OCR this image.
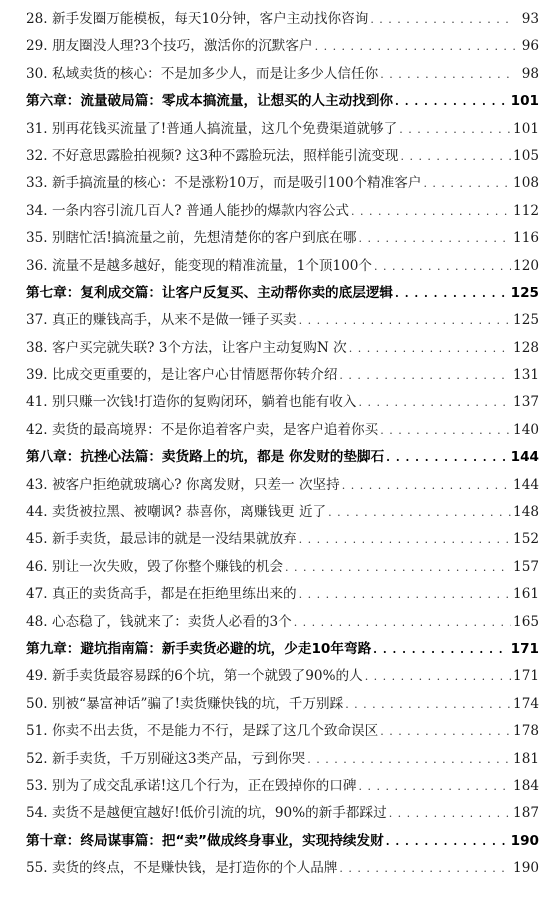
28. 新手发圈万能模板，每天10分钟，客户主动找你咨询 . . .	93
29. 朋友圈没人理?3个技巧，激活你的沉默客户 . . .	96
30. 私域卖货的核心：不是加多少人，而是让多少人信任你 . . .	98
第六章：流量破局篇：零成本搞流量，让想买的人主动找到你 . . .	101
31. 别再花钱买流量了!普通人搞流量，这几个免费渠道就够了 . . .	101
32. 不好意思露脸拍视频? 这3种不露脸玩法，照样能引流变现 . . .	105
33. 新手搞流量的核心：不是涨粉10万，而是吸引100个精准客户 . . .	108
34. 一条内容引流几百人? 普通人能抄的爆款内容公式 . . .	112
35. 别瞎忙活!搞流量之前，先想清楚你的客户到底在哪 . . .	116
36. 流量不是越多越好，能变现的精准流量，1个顶100个 . . .	120
第七章：复利成交篇：让客户反复买、主动帮你卖的底层逻辑 . . .	125
37. 真正的赚钱高手，从来不是做一锤子买卖 . . .	125
38. 客户买完就失联? 3个方法，让客户主动复购N 次 . . .	128
39. 比成交更重要的，是让客户心甘情愿帮你转介绍 . . .	131
41. 别只赚一次钱!打造你的复购闭环，躺着也能有收入 . . .	137
42. 卖货的最高境界：不是你追着客户卖，是客户追着你买 . . .	140
第八章：抗挫心法篇：卖货路上的坑，都是 你发财的垫脚石 . . .	144
43. 被客户拒绝就玻璃心? 你离发财，只差一 次坚持 . . .	144
44. 卖货被拉黑、被嘲讽? 恭喜你，离赚钱更 近了 . . .	148
45. 新手卖货，最忌讳的就是一没结果就放弃 . . .	152
46. 别让一次失败，毁了你整个赚钱的机会 . . .	157
47. 真正的卖货高手，都是在拒绝里练出来的 . . .	161
48. 心态稳了，钱就来了：卖货人必看的3个 . . .	165
第九章：避坑指南篇：新手卖货必避的坑，少走10年弯路 . . .	171
49. 新手卖货最容易踩的6个坑，第一个就毁了90%的人 . . .	171
50. 别被“暴富神话”骗了!卖货赚快钱的坑，千万别踩 . . .	174
51. 你卖不出去货，不是能力不行，是踩了这几个致命误区 . . .	178
52. 新手卖货，千万别碰这3类产品，亏到你哭 . . .	181
53. 别为了成交乱承诺!这几个行为，正在毁掉你的口碑 . . .	184
54. 卖货不是越便宜越好!低价引流的坑，90%的新手都踩过 . . .	187
第十章：终局谋事篇：把“卖”做成终身事业，实现持续发财 . . .	190
55. 卖货的终点，不是赚快钱，是打造你的个人品牌 . . .	190
